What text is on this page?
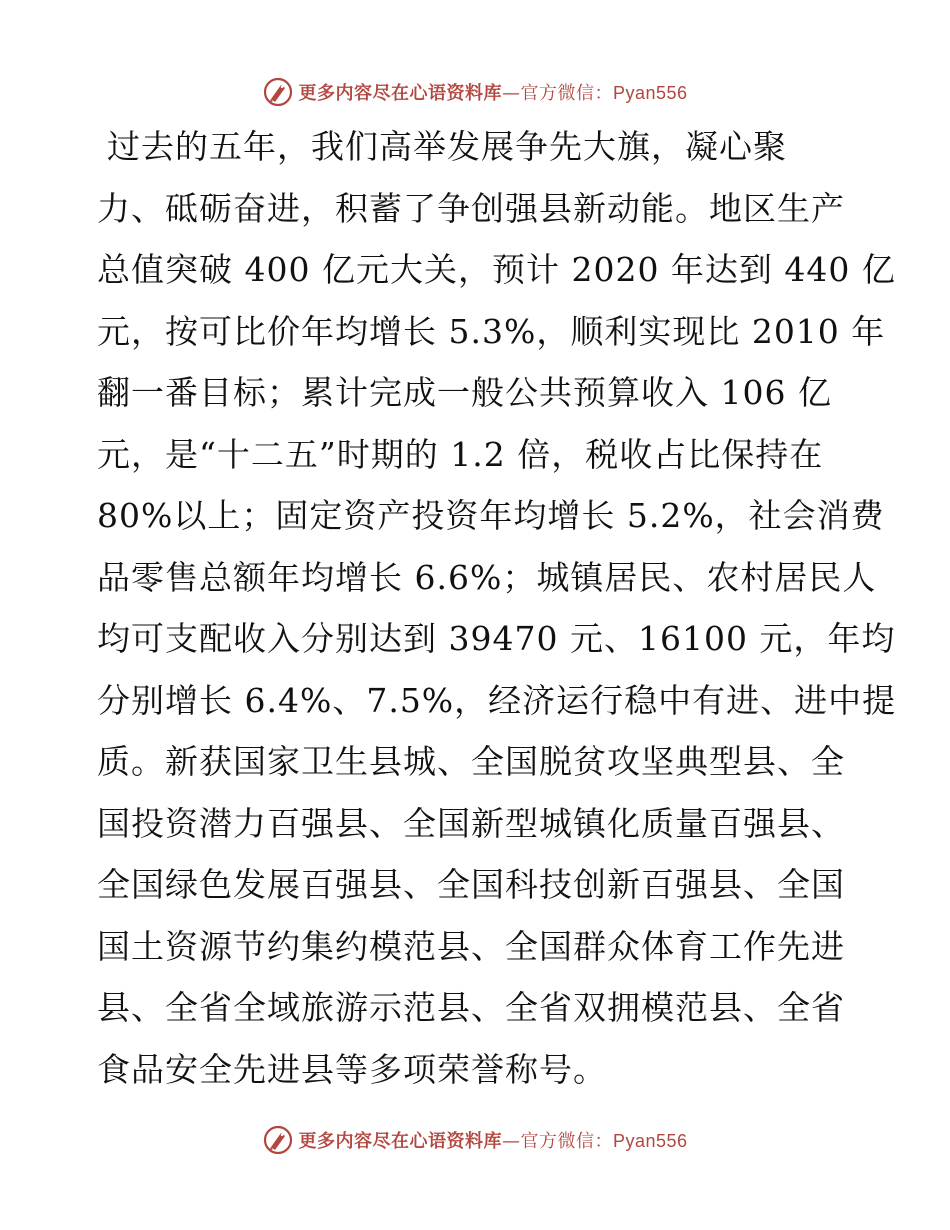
更多内容尽在心语资料库—官方微信：Pyan556
过去的五年，我们高举发展争先大旗，凝心聚
力、砥砺奋进，积蓄了争创强县新动能。地区生产
总值突破 400 亿元大关，预计 2020 年达到 440 亿
元，按可比价年均增长 5.3%，顺利实现比 2010 年
翻一番目标；累计完成一般公共预算收入 106 亿
元，是“十二五”时期的 1.2 倍，税收占比保持在
80%以上；固定资产投资年均增长 5.2%，社会消费
品零售总额年均增长 6.6%；城镇居民、农村居民人
均可支配收入分别达到 39470 元、16100 元，年均
分别增长 6.4%、7.5%，经济运行稳中有进、进中提
质。新获国家卫生县城、全国脱贫攻坚典型县、全
国投资潜力百强县、全国新型城镇化质量百强县、
全国绿色发展百强县、全国科技创新百强县、全国
国土资源节约集约模范县、全国群众体育工作先进
县、全省全域旅游示范县、全省双拥模范县、全省
食品安全先进县等多项荣誉称号。
更多内容尽在心语资料库—官方微信：Pyan556
